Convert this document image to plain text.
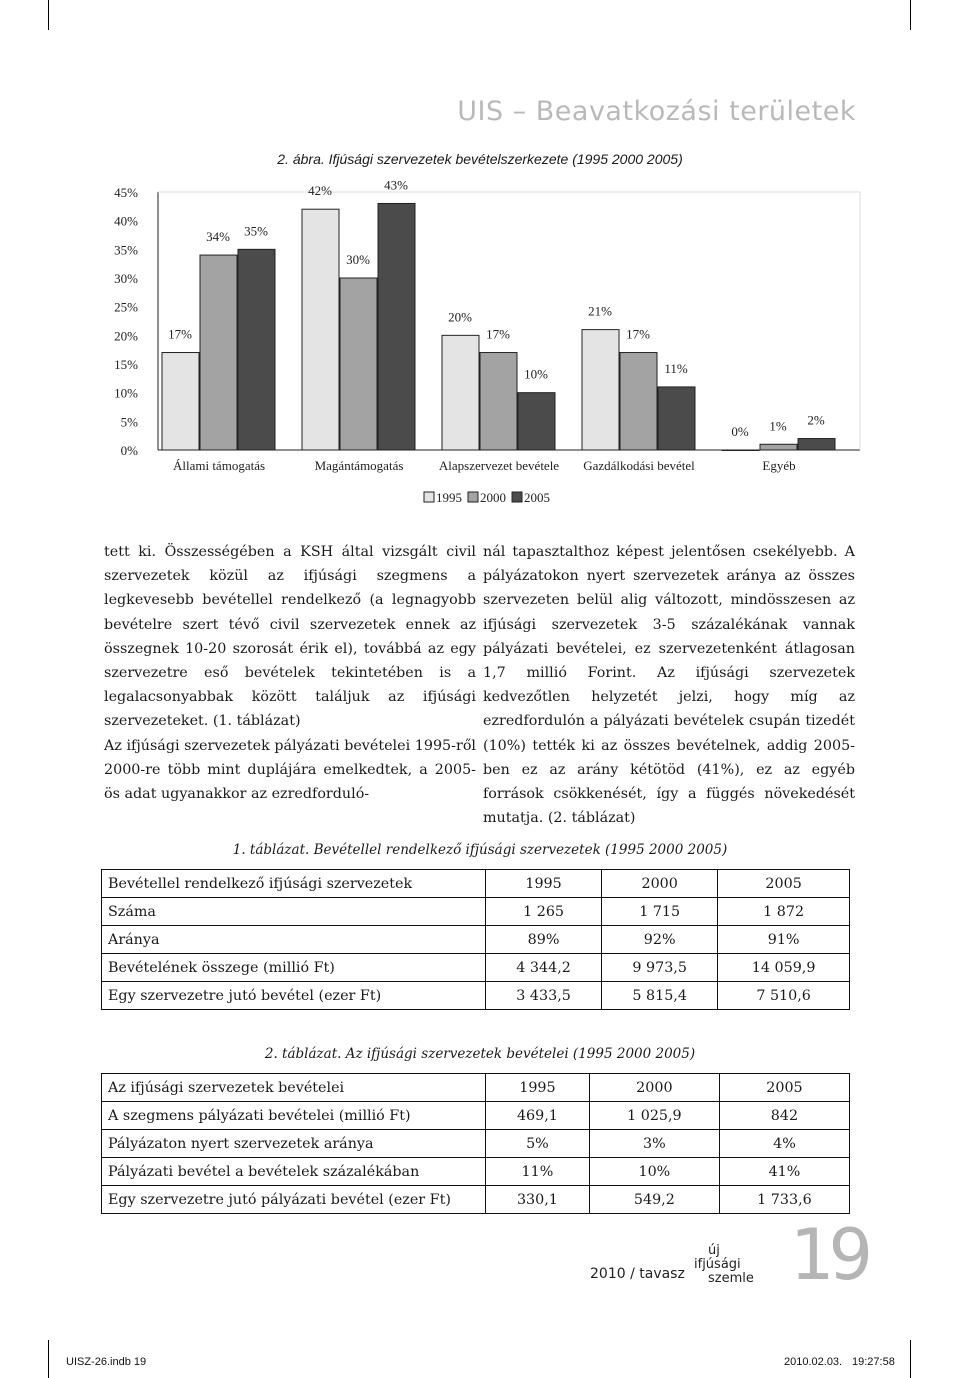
UIS – Beavatkozási területek
2. ábra. Ifjúsági szervezetek bevételszerkezete (1995 2000 2005)
0%
5%
10%
15%
20%
25%
30%
35%
40%
45%
17%
34% 35%
Állami támogatás
42%
30%
43%
Magántámogatás
20%
17%
10%
Alapszervezet bevétele
21%
17%
11%
Gazdálkodási bevétel
0% 1% 2%
Egyéb
1995 2000 2005

tett ki. Összességében a KSH által vizsgált civil szervezetek közül az ifjúsági szegmens a legkevesebb bevétellel rendelkező (a legnagyobb bevételre szert tévő civil szervezetek ennek az összegnek 10-20 szorosát érik el), továbbá az egy szervezetre eső bevételek tekintetében is a legalacsonyabbak között találjuk az ifjúsági szervezeteket. (1. táblázat)

Az ifjúsági szervezetek pályázati bevételei 1995-ről 2000-re több mint duplájára emelkedtek, a 2005-ös adat ugyanakkor az ezredforduló-

nál tapasztalthoz képest jelentősen csekélyebb. A pályázatokon nyert szervezetek aránya az összes szervezeten belül alig változott, mindösszesen az ifjúsági szervezetek 3-5 százalékának vannak pályázati bevételei, ez szervezetenként átlagosan 1,7 millió Forint. Az ifjúsági szervezetek kedvezőtlen helyzetét jelzi, hogy míg az ezredfordulón a pályázati bevételek csupán tizedét (10%) tették ki az összes bevételnek, addig 2005-ben ez az arány kétötöd (41%), ez az egyéb források csökkenését, így a függés növekedését mutatja. (2. táblázat)

1. táblázat. Bevétellel rendelkező ifjúsági szervezetek (1995 2000 2005)
Bevétellel rendelkező ifjúsági szervezetek	1995	2000	2005
Száma	1 265	1 715	1 872
Aránya	89%	92%	91%
Bevételének összege (millió Ft)	4 344,2	9 973,5	14 059,9
Egy szervezetre jutó bevétel (ezer Ft)	3 433,5	5 815,4	7 510,6
2. táblázat. Az ifjúsági szervezetek bevételei (1995 2000 2005)
Az ifjúsági szervezetek bevételei	1995	2000	2005
A szegmens pályázati bevételei (millió Ft)	469,1	1 025,9	842
Pályázaton nyert szervezetek aránya	5%	3%	4%
Pályázati bevétel a bevételek százalékában	11%	10%	41%
Egy szervezetre jutó pályázati bevétel (ezer Ft)	330,1	549,2	1 733,6
2010 / tavasz
új
ifjúsági
szemle 19
UISZ-26.indb 19	2010.02.03. 19:27:58
